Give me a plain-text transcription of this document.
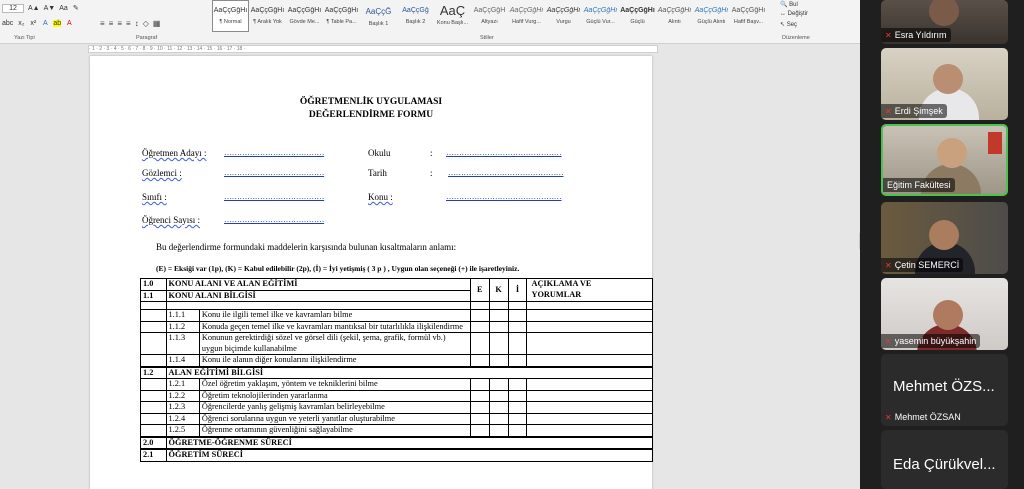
12	A▲ A▼ Aa ✎
abc x₂ x² A ab A	≡ ≡ ≡ ≡ ↕ ◇ ▦
AaÇçĞğHı
¶ Normal
AaÇçĞğHı
¶ Aralık Yok
AaÇçĞğHı
Gövde Me...
AaÇçĞğHı
¶ Table Pa...
AaÇçĞ
Başlık 1
AaÇçĞğ
Başlık 2
AaÇ
Konu Başlı...
AaÇçĞğH
Altyazı
AaÇçĞğHı
Hafif Vurg...
AaÇçĞğHı
Vurgu
AaÇçĞğHı
Güçlü Vur...
AaÇçĞğHı
Güçlü
AaÇçĞğHı
Alıntı
AaÇçĞğHı
Güçlü Alıntı
AaÇçĞğHı
Hafif Başv...
Yazı Tipi	Paragraf	Stiller	Düzenleme
🔍 Bul
↔ Değiştir
↖ Seç
· 1 · 2 · 3 · 4 · 5 · 6 · 7 · 8 · 9 · 10 · 11 · 12 · 13 · 14 · 15 · 16 · 17 · 18 ·
ÖĞRETMENLİK UYGULAMASI
DEĞERLENDİRME FORMU
Öğretmen Adayı : …………………………………	Okulu	: ………………………………………
Gözlemci :	…………………………………	Tarih	: ………………………………………
Sınıfı :	…………………………………	Konu :	………………………………………
Öğrenci Sayısı :	…………………………………
Bu değerlendirme formundaki maddelerin karşısında bulunan kısaltmaların anlamı:
(E) = Eksiği var (1p), (K) = Kabul edilebilir (2p), (İ) = İyi yetişmiş ( 3 p ) , Uygun olan seçeneği (+) ile işaretleyiniz.
1.0	KONU ALANI VE ALAN EĞİTİMİ		E	K	İ	AÇIKLAMA VE YORUMLAR

1.1	KONU ALANI BİLGİSİ					

	1.1.1	Konu ile ilgili temel ilke ve kavramları bilme				
	1.1.2	Konuda geçen temel ilke ve kavramları mantıksal bir tutarlılıkla ilişkilendirme				
	1.1.3	Konunun gerektirdiği sözel ve görsel dili (şekil, şema, grafik, formül vb.) uygun biçimde kullanabilme				
	1.1.4	Konu ile alanın diğer konularını ilişkilendirme				
1.2	ALAN EĞİTİMİ BİLGİSİ					
	1.2.1	Özel öğretim yaklaşım, yöntem ve tekniklerini bilme				
	1.2.2	Öğretim teknolojilerinden yararlanma				
	1.2.3	Öğrencilerde yanlış gelişmiş kavramları belirleyebilme				
	1.2.4	Öğrenci sorularına uygun ve yeterli yanıtlar oluşturabilme				
	1.2.5	Öğrenme ortamının güvenliğini sağlayabilme				
2.0	ÖĞRETME-ÖĞRENME SÜRECİ					
2.1	ÖĞRETİM SÜRECİ					
✕ Esra Yıldırım
✕ Erdi Şimşek
Eğitim Fakültesi
✕ Çetin SEMERCİ
✕ yasemin büyükşahin
Mehmet ÖZS...
✕ Mehmet ÖZSAN
Eda Çürükvel...
